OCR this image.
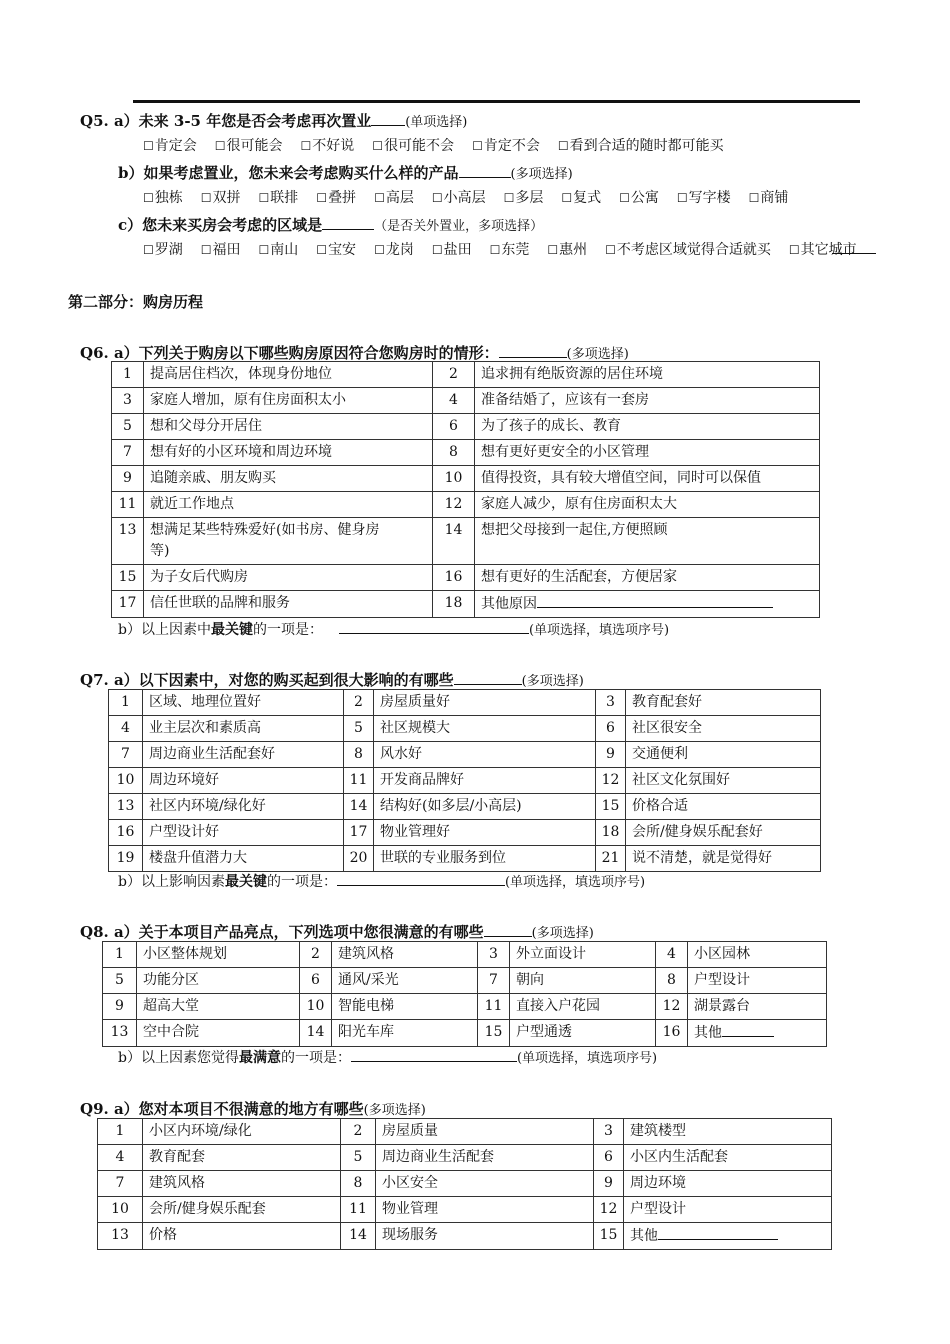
Q5. a）未来 3-5 年您是否会考虑再次置业	(单项选择)
☐ 肯定会 ☐ 很可能会 ☐ 不好说 ☐ 很可能不会 ☐ 肯定不会 ☐ 看到合适的随时都可能买
b）如果考虑置业，您未来会考虑购买什么样的产品	(多项选择)
☐ 独栋 ☐ 双拼 ☐ 联排 ☐ 叠拼 ☐ 高层 ☐ 小高层 ☐ 多层 ☐ 复式 ☐ 公寓 ☐ 写字楼 ☐ 商铺
c）您未来买房会考虑的区域是	（是否关外置业，多项选择）
☐ 罗湖 ☐ 福田 ☐ 南山 ☐ 宝安 ☐ 龙岗 ☐ 盐田 ☐ 东莞 ☐ 惠州 ☐ 不考虑区域觉得合适就买 ☐ 其它城市
第二部分：购房历程
Q6. a）下列关于购房以下哪些购房原因符合您购房时的情形：	(多项选择)
1	提高居住档次，体现身份地位	2	追求拥有绝版资源的居住环境
3	家庭人增加，原有住房面积太小	4	准备结婚了，应该有一套房
5	想和父母分开居住	6	为了孩子的成长、教育
7	想有好的小区环境和周边环境	8	想有更好更安全的小区管理
9	追随亲戚、朋友购买	10	值得投资，具有较大增值空间，同时可以保值
11	就近工作地点	12	家庭人减少，原有住房面积太大
13	想满足某些特殊爱好(如书房、健身房
等)	14	想把父母接到一起住,方便照顾
15	为子女后代购房	16	想有更好的生活配套，方便居家
17	信任世联的品牌和服务	18	其他原因
b）以上因素中最关键的一项是：	(单项选择，填选项序号)
Q7. a）以下因素中，对您的购买起到很大影响的有哪些	(多项选择)
1	区域、地理位置好	2	房屋质量好	3	教育配套好
4	业主层次和素质高	5	社区规模大	6	社区很安全
7	周边商业生活配套好	8	风水好	9	交通便利
10	周边环境好	11	开发商品牌好	12	社区文化氛围好
13	社区内环境/绿化好	14	结构好(如多层/小高层)	15	价格合适
16	户型设计好	17	物业管理好	18	会所/健身娱乐配套好
19	楼盘升值潜力大	20	世联的专业服务到位	21	说不清楚，就是觉得好
b）以上影响因素最关键的一项是：	(单项选择，填选项序号)
Q8. a）关于本项目产品亮点，下列选项中您很满意的有哪些	(多项选择)
1	小区整体规划	2	建筑风格	3	外立面设计	4	小区园林
5	功能分区	6	通风/采光	7	朝向	8	户型设计
9	超高大堂	10	智能电梯	11	直接入户花园	12	湖景露台
13	空中合院	14	阳光车库	15	户型通透	16	其他
b）以上因素您觉得最满意的一项是：	(单项选择，填选项序号)
Q9. a）您对本项目不很满意的地方有哪些(多项选择)
1	小区内环境/绿化	2	房屋质量	3	建筑楼型
4	教育配套	5	周边商业生活配套	6	小区内生活配套
7	建筑风格	8	小区安全	9	周边环境
10	会所/健身娱乐配套	11	物业管理	12	户型设计
13	价格	14	现场服务	15	其他
